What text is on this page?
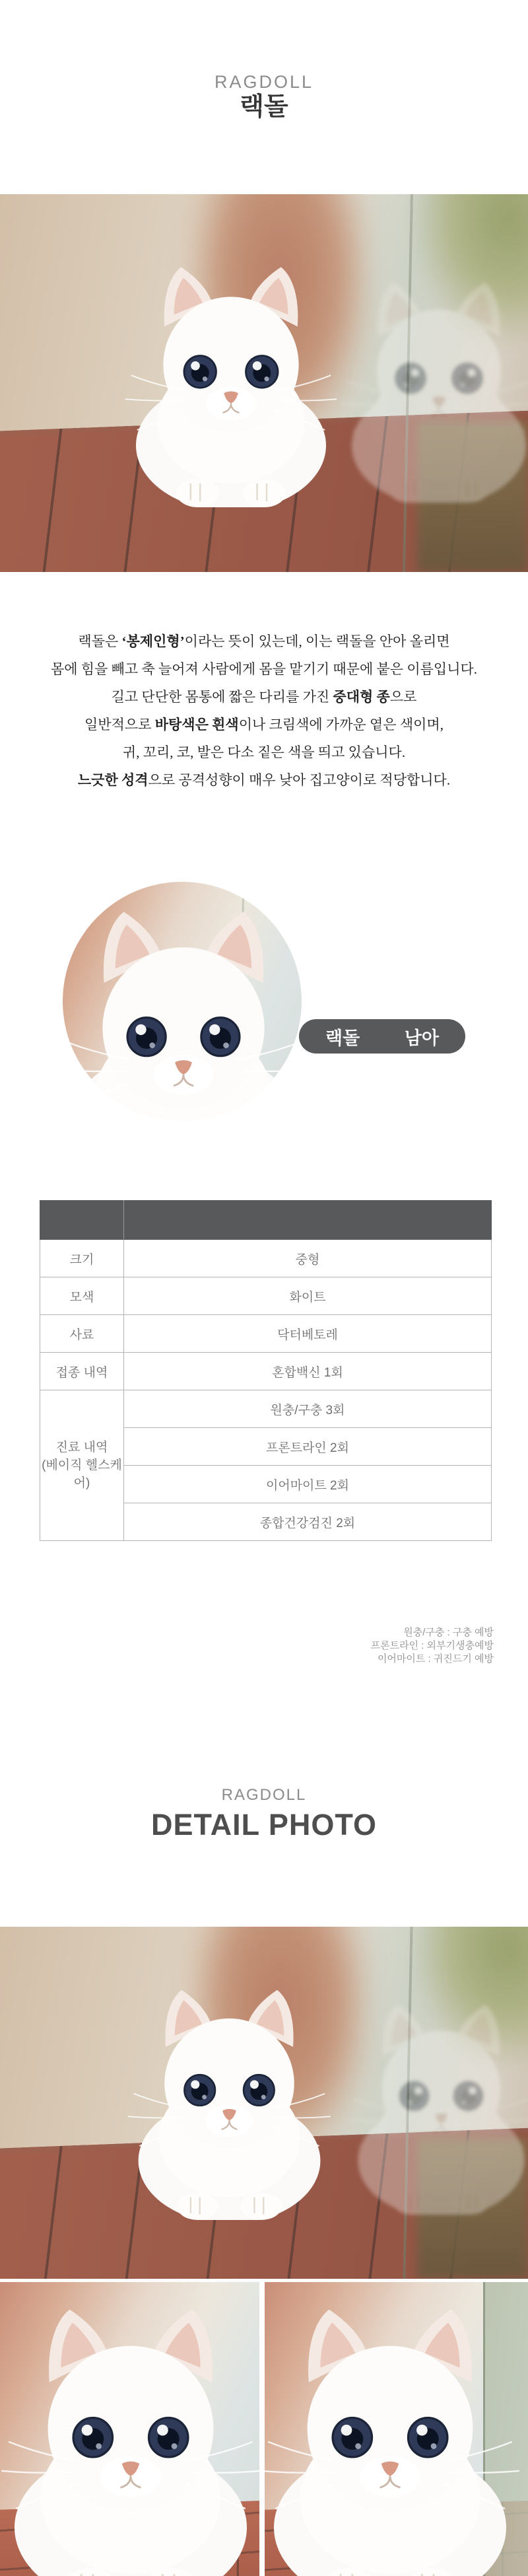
RAGDOLL
랙돌

랙돌은 ‘봉제인형’이라는 뜻이 있는데, 이는 랙돌을 안아 올리면

몸에 힘을 빼고 축 늘어져 사람에게 몸을 맡기기 때문에 붙은 이름입니다.

길고 단단한 몸통에 짧은 다리를 가진 중대형 종으로

일반적으로 바탕색은 흰색이나 크림색에 가까운 옅은 색이며,

귀, 꼬리, 코, 발은 다소 짙은 색을 띄고 있습니다.

느긋한 성격으로 공격성향이 매우 낮아 집고양이로 적당합니다.

랙돌	남아

크기	중형
모색	화이트
사료	닥터베토레
접종 내역	혼합백신 1회

진료 내역
(베이직 헬스케어)	원충/구충 3회
	프론트라인 2회
	이어마이트 2회
	종합건강검진 2회
원충/구충 : 구충 예방
프론트라인 : 외부기생충예방
이어마이트 : 귀진드기 예방
RAGDOLL
DETAIL PHOTO
